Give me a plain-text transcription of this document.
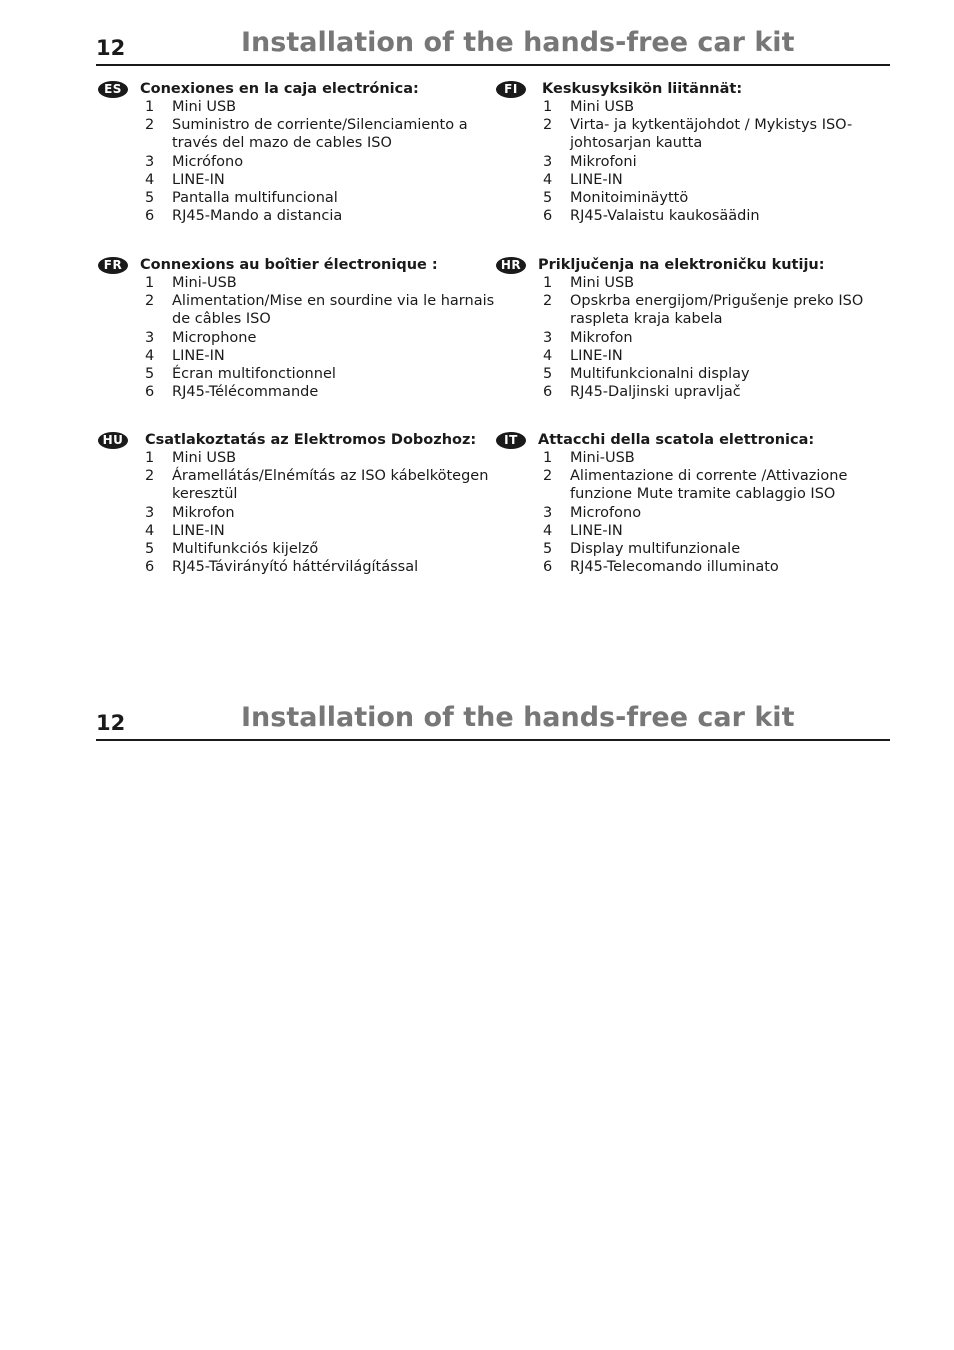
12	Installation of the hands-free car kit
12	Installation of the hands-free car kit
ES	Conexiones en la caja electrónica:
1 Mini USB
2 Suministro de corriente/Silenciamiento a través del mazo de cables ISO
3 Micrófono
4 LINE-IN
5 Pantalla multifuncional
6 RJ45-Mando a distancia
FI	Keskusyksikön liitännät:
1 Mini USB
2 Virta- ja kytkentäjohdot / Mykistys ISO-johtosarjan kautta
3 Mikrofoni
4 LINE-IN
5 Monitoiminäyttö
6 RJ45-Valaistu kaukosäädin
FR	Connexions au boîtier électronique :
1 Mini-USB
2 Alimentation/Mise en sourdine via le harnais de câbles ISO
3 Microphone
4 LINE-IN
5 Écran multifonctionnel
6 RJ45-Télécommande
HR	Priključenja na elektroničku kutiju:
1 Mini USB
2 Opskrba energijom/Prigušenje preko ISO raspleta kraja kabela
3 Mikrofon
4 LINE-IN
5 Multifunkcionalni display
6 RJ45-Daljinski upravljač
HU	Csatlakoztatás az Elektromos Dobozhoz:
1 Mini USB
2 Áramellátás/Elnémítás az ISO kábelkötegen keresztül
3 Mikrofon
4 LINE-IN
5 Multifunkciós kijelző
6 RJ45-Távirányító háttérvilágítással
IT	Attacchi della scatola elettronica:
1 Mini-USB
2 Alimentazione di corrente /Attivazione funzione Mute tramite cablaggio ISO
3 Microfono
4 LINE-IN
5 Display multifunzionale
6 RJ45-Telecomando illuminato
